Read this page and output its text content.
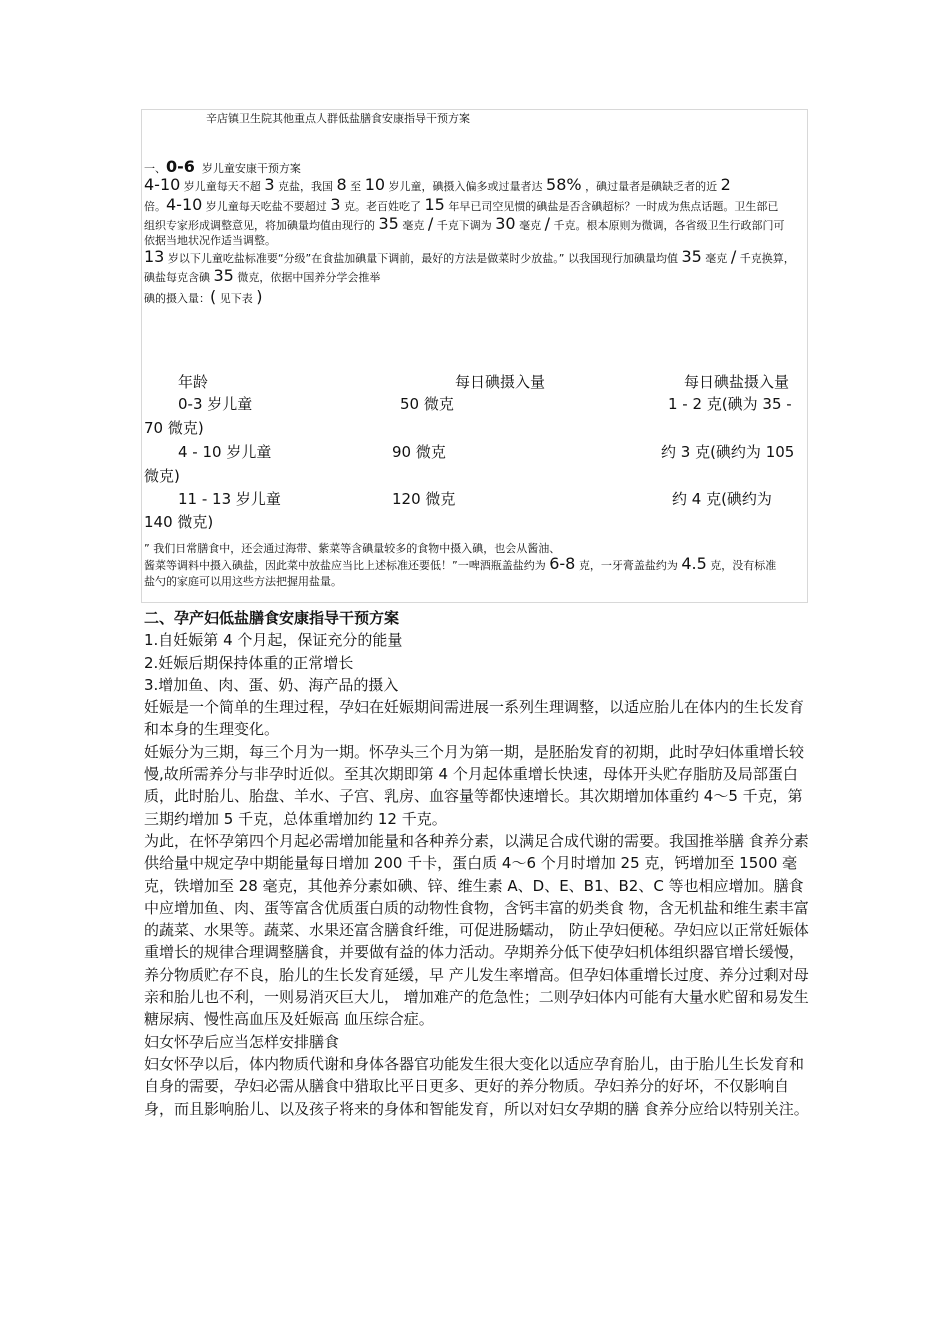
辛店镇卫生院其他重点人群低盐膳食安康指导干预方案
一、0-6 岁儿童安康干预方案
4-10 岁儿童每天不超 3 克盐，我国 8 至 10 岁儿童，碘摄入偏多或过量者达 58% ，碘过量者是碘缺乏者的近 2
倍。4-10 岁儿童每天吃盐不要超过 3 克。老百姓吃了 15 年早已司空见惯的碘盐是否含碘超标？一时成为焦点话题。卫生部已
组织专家形成调整意见，将加碘量均值由现行的 35 毫克 / 千克下调为 30 毫克 / 千克。根本原则为微调，各省级卫生行政部门可
依据当地状况作适当调整。
13 岁以下儿童吃盐标准要“分级”在食盐加碘量下调前，最好的方法是做菜时少放盐。” 以我国现行加碘量均值 35 毫克 / 千克换算，
碘盐每克含碘 35 微克，依据中国养分学会推举
碘的摄入量：( 见下表 )
年龄	每日碘摄入量	每日碘盐摄入量
0-3 岁儿童	50 微克	1 - 2 克(碘为 35 -
70 微克)
4 - 10 岁儿童	90 微克	约 3 克(碘约为 105
微克)
11 - 13 岁儿童	120 微克	约 4 克(碘约为
140 微克)
” 我们日常膳食中，还会通过海带、紫菜等含碘量较多的食物中摄入碘，也会从酱油、
酱菜等调料中摄入碘盐，因此菜中放盐应当比上述标准还要低！”一啤酒瓶盖盐约为 6-8 克，一牙膏盖盐约为 4.5 克，没有标准
盐勺的家庭可以用这些方法把握用盐量。

二、孕产妇低盐膳食安康指导干预方案

1.自妊娠第 4 个月起，保证充分的能量

2.妊娠后期保持体重的正常增长

3.增加鱼、肉、蛋、奶、海产品的摄入

妊娠是一个简单的生理过程，孕妇在妊娠期间需进展一系列生理调整，以适应胎儿在体内的生长发育和本身的生理变化。

妊娠分为三期，每三个月为一期。怀孕头三个月为第一期，是胚胎发育的初期，此时孕妇体重增长较慢,故所需养分与非孕时近似。至其次期即第 4 个月起体重增长快速，母体开头贮存脂肪及局部蛋白质，此时胎儿、胎盘、羊水、子宫、乳房、血容量等都快速增长。其次期增加体重约 4～5 千克，第三期约增加 5 千克，总体重增加约 12 千克。

为此，在怀孕第四个月起必需增加能量和各种养分素，以满足合成代谢的需要。我国推举膳 食养分素供给量中规定孕中期能量每日增加 200 千卡，蛋白质 4～6 个月时增加 25 克，钙增加至 1500 毫克，铁增加至 28 毫克，其他养分素如碘、锌、维生素 A、D、E、B1、B2、C 等也相应增加。膳食中应增加鱼、肉、蛋等富含优质蛋白质的动物性食物，含钙丰富的奶类食 物，含无机盐和维生素丰富的蔬菜、水果等。蔬菜、水果还富含膳食纤维，可促进肠蠕动， 防止孕妇便秘。孕妇应以正常妊娠体重增长的规律合理调整膳食，并要做有益的体力活动。孕期养分低下使孕妇机体组织器官增长缓慢，养分物质贮存不良，胎儿的生长发育延缓，早 产儿发生率增高。但孕妇体重增长过度、养分过剩对母亲和胎儿也不利，一则易消灭巨大儿， 增加难产的危急性；二则孕妇体内可能有大量水贮留和易发生糖尿病、慢性高血压及妊娠高 血压综合症。

妇女怀孕后应当怎样安排膳食

妇女怀孕以后，体内物质代谢和身体各器官功能发生很大变化以适应孕育胎儿，由于胎儿生长发育和自身的需要，孕妇必需从膳食中猎取比平日更多、更好的养分物质。孕妇养分的好坏，不仅影响自身，而且影响胎儿、以及孩子将来的身体和智能发育，所以对妇女孕期的膳 食养分应给以特别关注。
